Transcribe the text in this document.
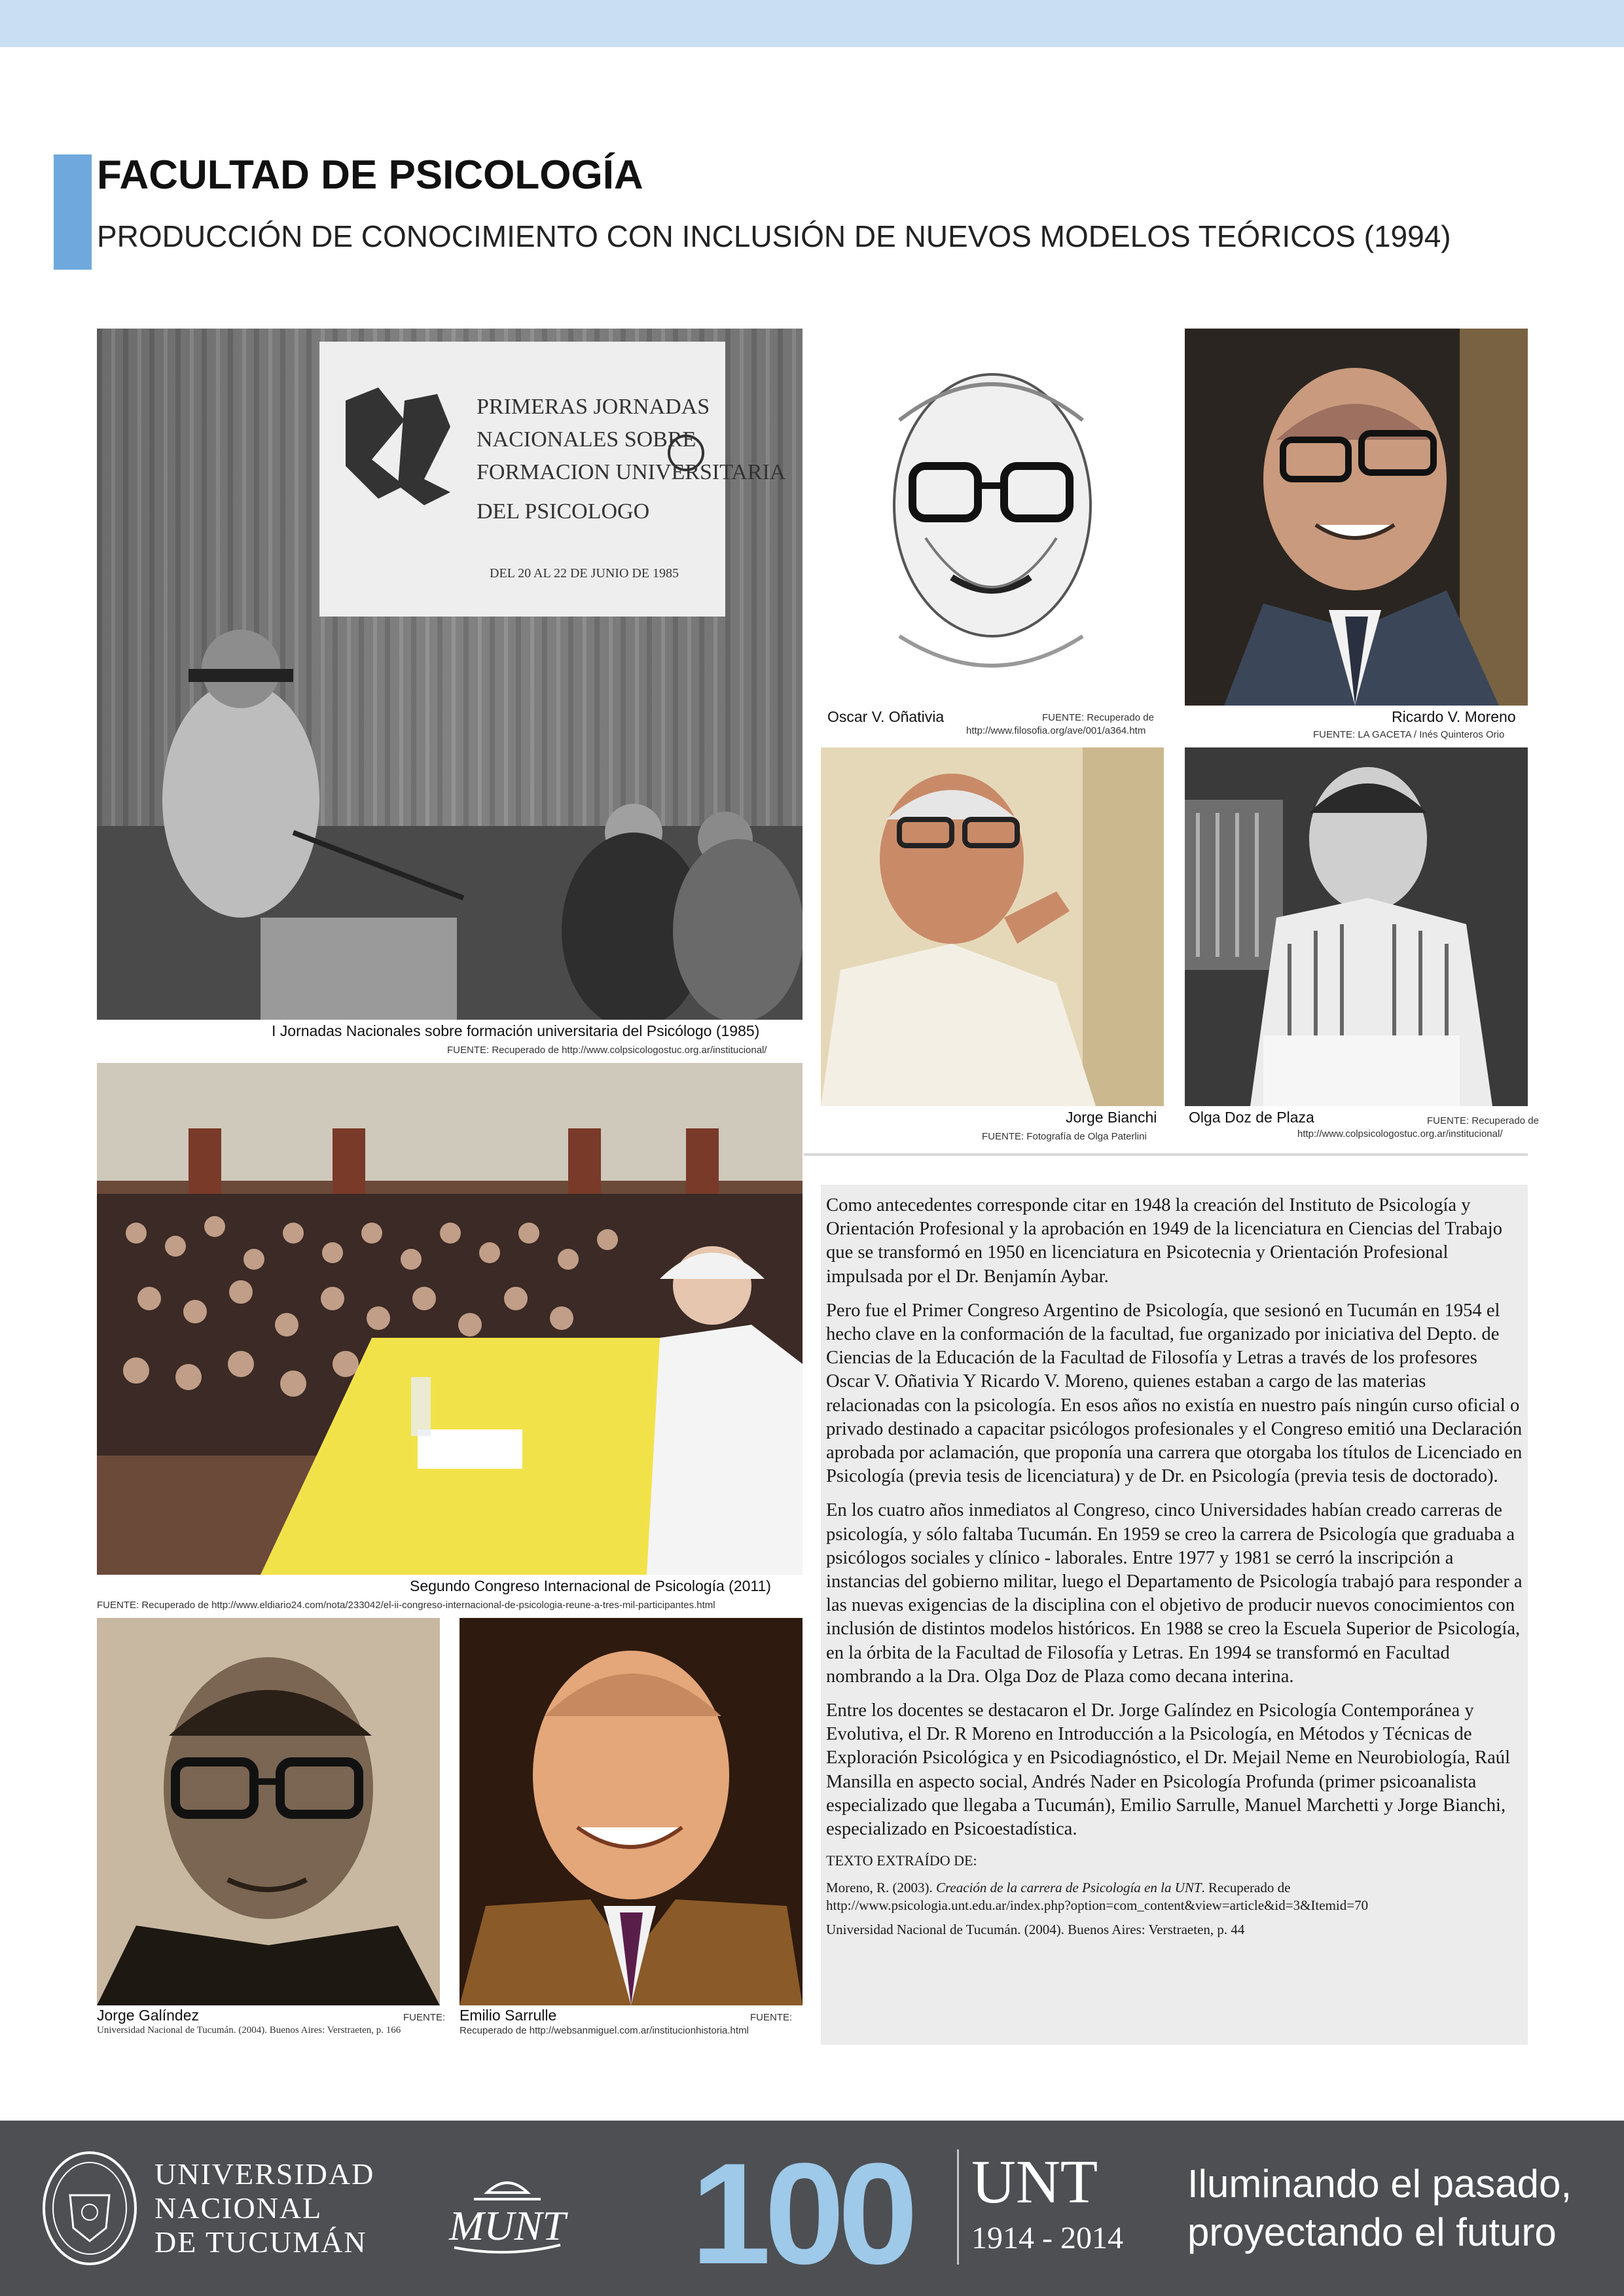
FACULTAD DE PSICOLOGÍA
PRODUCCIÓN DE CONOCIMIENTO CON INCLUSIÓN DE NUEVOS MODELOS TEÓRICOS (1994)
PRIMERAS JORNADAS
NACIONALES SOBRE
FORMACION UNIVERSITARIA
DEL PSICOLOGO
DEL 20 AL 22 DE JUNIO DE 1985
I Jornadas Nacionales sobre formación universitaria del Psicólogo (1985)
FUENTE: Recuperado de http://www.colpsicologostuc.org.ar/institucional/
Oscar V. Oñativia	FUENTE: Recuperado de
http://www.filosofia.org/ave/001/a364.htm
Ricardo V. Moreno
FUENTE: LA GACETA / Inés Quinteros Orio
Jorge Bianchi
FUENTE: Fotografía de Olga Paterlini
Olga Doz de Plaza	FUENTE: Recuperado de
http://www.colpsicologostuc.org.ar/institucional/
Segundo Congreso Internacional de Psicología (2011)
FUENTE: Recuperado de http://www.eldiario24.com/nota/233042/el-ii-congreso-internacional-de-psicologia-reune-a-tres-mil-participantes.html
Jorge Galíndez	FUENTE:
Universidad Nacional de Tucumán. (2004). Buenos Aires: Verstraeten, p. 166
Emilio Sarrulle	FUENTE:
Recuperado de http://websanmiguel.com.ar/institucionhistoria.html

Como antecedentes corresponde citar en 1948 la creación del Instituto de Psicología y Orientación Profesional y la aprobación en 1949 de la licenciatura en Ciencias del Trabajo que se transformó en 1950 en licenciatura en Psicotecnia y Orientación Profesional impulsada por el Dr. Benjamín Aybar.

Pero fue el Primer Congreso Argentino de Psicología, que sesionó en Tucumán en 1954 el hecho clave en la conformación de la facultad, fue organizado por iniciativa del Depto. de Ciencias de la Educación de la Facultad de Filosofía y Letras a través de los profesores Oscar V. Oñativia Y Ricardo V. Moreno, quienes estaban a cargo de las materias relacionadas con la psicología. En esos años no existía en nuestro país ningún curso oficial o privado destinado a capacitar psicólogos profesionales y el Congreso emitió una Declaración aprobada por aclamación, que proponía una carrera que otorgaba los títulos de Licenciado en Psicología (previa tesis de licenciatura) y de Dr. en Psicología (previa tesis de doctorado).

En los cuatro años inmediatos al Congreso, cinco Universidades habían creado carreras de psicología, y sólo faltaba Tucumán. En 1959 se creo la carrera de Psicología que graduaba a psicólogos sociales y clínico - laborales. Entre 1977 y 1981 se cerró la inscripción a instancias del gobierno militar, luego el Departamento de Psicología trabajó para responder a las nuevas exigencias de la disciplina con el objetivo de producir nuevos conocimientos con inclusión de distintos modelos históricos. En 1988 se creo la Escuela Superior de Psicología, en la órbita de la Facultad de Filosofía y Letras. En 1994 se transformó en Facultad nombrando a la Dra. Olga Doz de Plaza como decana interina.

Entre los docentes se destacaron el Dr. Jorge Galíndez en Psicología Contemporánea y Evolutiva, el Dr. R Moreno en Introducción a la Psicología, en Métodos y Técnicas de Exploración Psicológica y en Psicodiagnóstico, el Dr. Mejail Neme en Neurobiología, Raúl Mansilla en aspecto social, Andrés Nader en Psicología Profunda (primer psicoanalista especializado que llegaba a Tucumán), Emilio Sarrulle, Manuel Marchetti y Jorge Bianchi, especializado en Psicoestadística.

TEXTO EXTRAÍDO DE:

Moreno, R. (2003). Creación de la carrera de Psicología en la UNT. Recuperado de
http://www.psicologia.unt.edu.ar/index.php?option=com_content&view=article&id=3&Itemid=70

Universidad Nacional de Tucumán. (2004). Buenos Aires: Verstraeten, p. 44

UNIVERSIDAD
NACIONAL
DE TUCUMÁN MUNT 100 UNT
1914 - 2014
Iluminando el pasado,
proyectando el futuro
